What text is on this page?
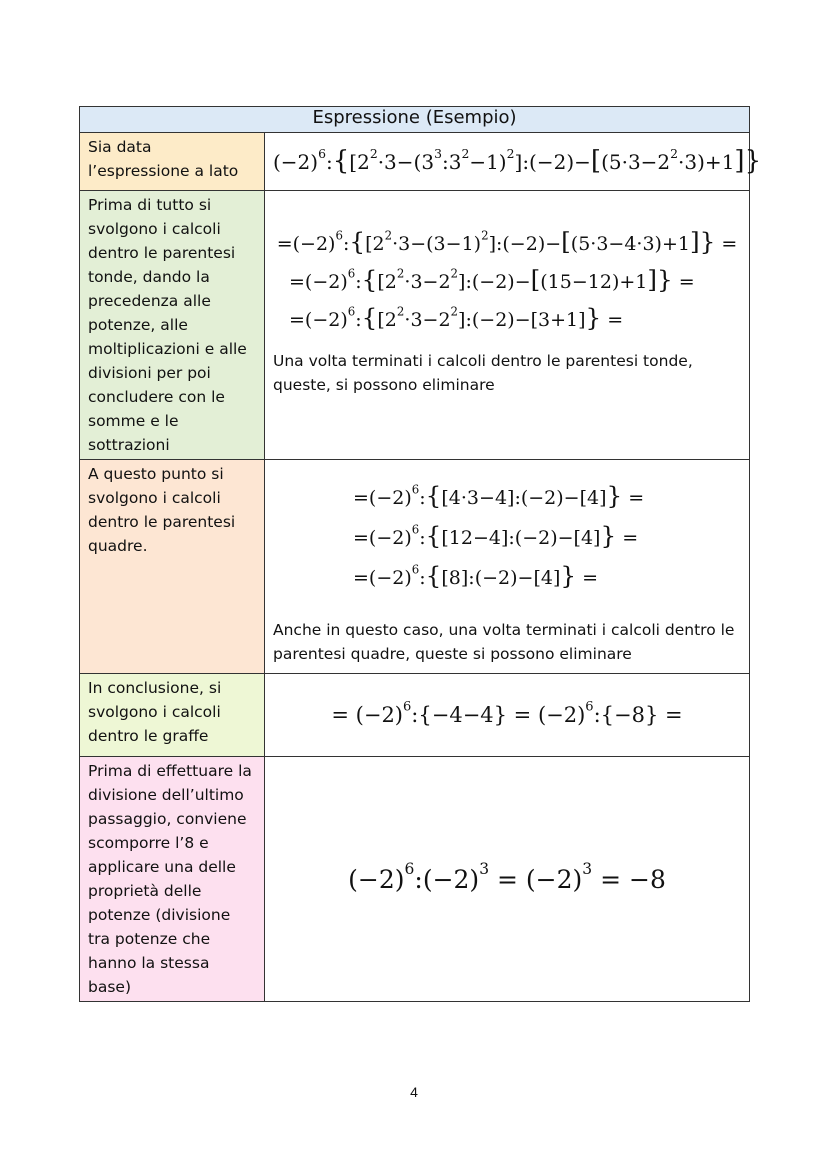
Espressione (Esempio)	
Sia data l’espressione a lato	$(-2)^6:\{[2^2\cdot 3-(3^3:3^2-1)^2]:(-2)-[(5\cdot 3-2^2\cdot 3)+1]\}$

Prima di tutto si svolgono i calcoli dentro le parentesi tonde, dando la precedenza alle potenze, alle moltiplicazioni e alle divisioni per poi concludere con le somme e le sottrazioni	$=(-2)^6:\{[2^2\cdot 3-(3-1)^2]:(-2)-[(5\cdot 3-4\cdot 3)+1]\}$ =
$=(-2)^6:\{[2^2\cdot 3-2^2]:(-2)-[(15-12)+1]\}$ =
$=(-2)^6:\{[2^2\cdot 3-2^2]:(-2)-[3+1]\}$ =
Una volta terminati i calcoli dentro le parentesi tonde, queste, si possono eliminare

A questo punto si svolgono i calcoli dentro le parentesi quadre.	$=(-2)^6:\{[4\cdot 3-4]:(-2)-[4]\}$ =
$=(-2)^6:\{[12-4]:(-2)-[4]\}$ =
$=(-2)^6:\{[8]:(-2)-[4]\}$ =
Anche in questo caso, una volta terminati i calcoli dentro le parentesi quadre, queste si possono eliminare

In conclusione, si svolgono i calcoli dentro le graffe	= $(-2)^6:\{-4-4\}$ = $(-2)^6:\{-8\}$ =

Prima di effettuare la divisione dell’ultimo passaggio, conviene scomporre l’8 e applicare una delle proprietà delle potenze (divisione tra potenze che hanno la stessa base)	$(-2)^6:(-2)^3 = (-2)^3 = -8$
4
